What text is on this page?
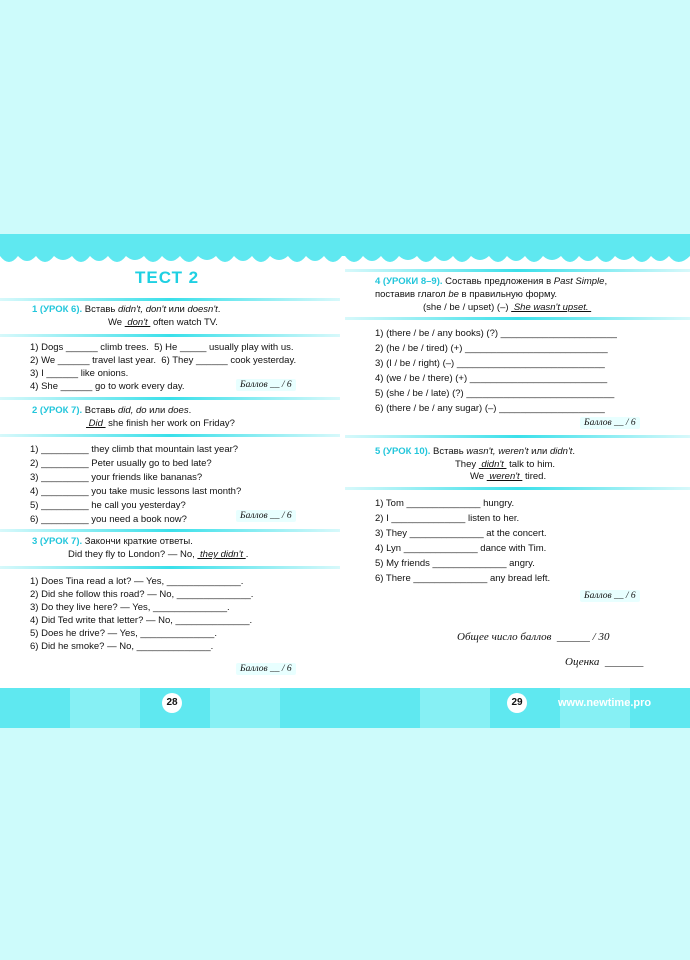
ТЕСТ 2
1 (УРОК 6). Вставь didn't, don't или doesn't.
We  don't  often watch TV.
1) Dogs ______ climb trees.  5) He _____ usually play with us.
2) We ______ travel last year.  6) They ______ cook yesterday.
3) I ______ like onions.
4) She ______ go to work every day.	Баллов __ / 6
2 (УРОК 7). Вставь did, do или does.
Did  she finish her work on Friday?
1) _________ they climb that mountain last year?
2) _________ Peter usually go to bed late?
3) _________ your friends like bananas?
4) _________ you take music lessons last month?
5) _________ he call you yesterday?
6) _________ you need a book now?	Баллов __ / 6
3 (УРОК 7). Закончи краткие ответы.
Did they fly to London? — No,  they didn't .
1) Does Tina read a lot? — Yes, ______________.
2) Did she follow this road? — No, ______________.
3) Do they live here? — Yes, ______________.
4) Did Ted write that letter? — No, ______________.
5) Does he drive? — Yes, ______________.
6) Did he smoke? — No, ______________.
Баллов __ / 6
4 (УРОКИ 8–9). Составь предложения в Past Simple,
поставив глагол be в правильную форму.
(she / be / upset) (–)  She wasn't upset.
1) (there / be / any books) (?) ______________________
2) (he / be / tired) (+) ___________________________
3) (I / be / right) (–) ____________________________
4) (we / be / there) (+) __________________________
5) (she / be / late) (?) ____________________________
6) (there / be / any sugar) (–) ____________________
Баллов __ / 6
5 (УРОК 10). Вставь wasn't, weren't или didn't.
They  didn't  talk to him.
We  weren't  tired.
1) Tom ______________ hungry.
2) I ______________ listen to her.
3) They ______________ at the concert.
4) Lyn ______________ dance with Tim.
5) My friends ______________ angry.
6) There ______________ any bread left.
Баллов __ / 6
Общее число баллов  ______ / 30
Оценка  _______
28	29	www.newtime.pro
